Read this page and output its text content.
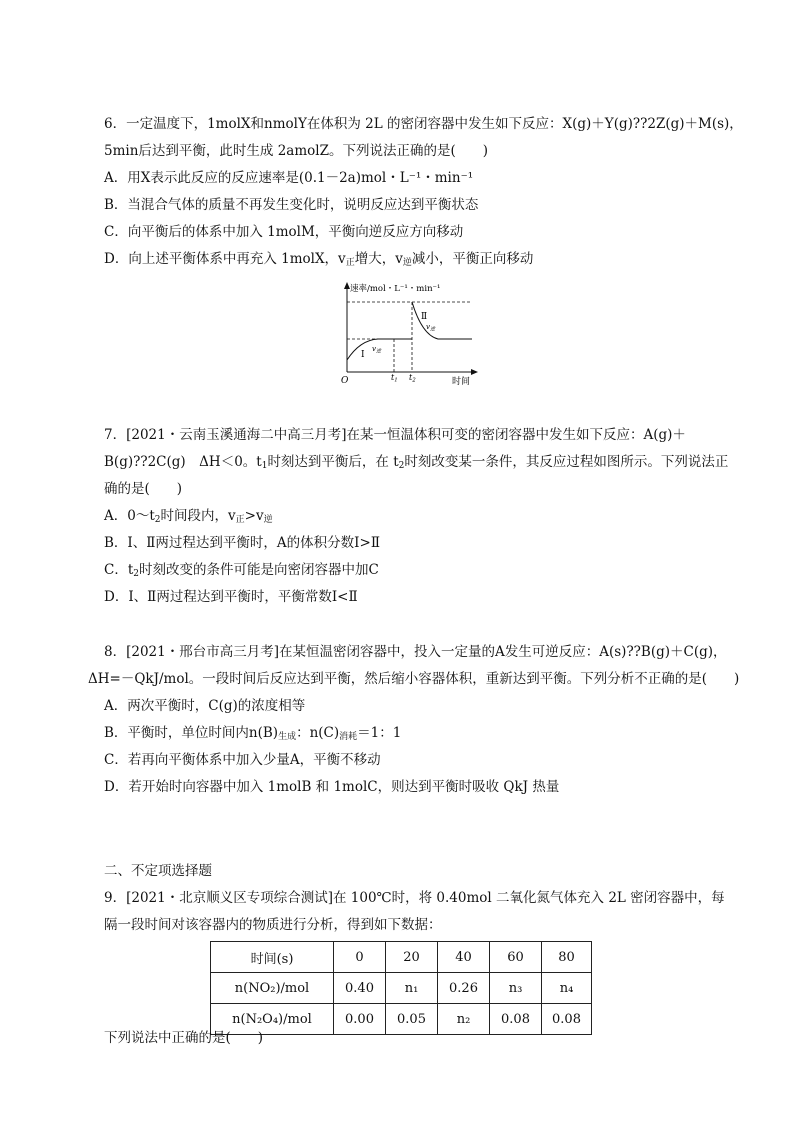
6．一定温度下，1molX和nmolY在体积为 2L 的密闭容器中发生如下反应：X(g)＋Y(g)??2Z(g)＋M(s)，
5min后达到平衡，此时生成 2amolZ。下列说法正确的是(　　)
A．用X表示此反应的反应速率是(0.1－2a)mol・L⁻¹・min⁻¹
B．当混合气体的质量不再发生变化时，说明反应达到平衡状态
C．向平衡后的体系中加入 1molM，平衡向逆反应方向移动
D．向上述平衡体系中再充入 1molX，$v_正$增大，$v_逆$减小，平衡正向移动
速率/mol・L⁻¹・min⁻¹
时间
O	t1 t2
Ⅰ
Ⅱ
$v_逆$
$v_逆$
7．[2021・云南玉溪通海二中高三月考]在某一恒温体积可变的密闭容器中发生如下反应：A(g)＋
B(g)??2C(g)　ΔH＜0。$t_1$时刻达到平衡后，在 $t_2$时刻改变某一条件，其反应过程如图所示。下列说法正
确的是(　　)
A．$0\sim t_2$时间段内，$v_正>v_逆$
B．Ⅰ、Ⅱ两过程达到平衡时，A的体积分数Ⅰ>Ⅱ
C．$t_2$时刻改变的条件可能是向密闭容器中加C
D．Ⅰ、Ⅱ两过程达到平衡时，平衡常数Ⅰ<Ⅱ
8．[2021・邢台市高三月考]在某恒温密闭容器中，投入一定量的A发生可逆反应：A(s)??B(g)＋C(g)，
ΔH=－QkJ/mol。一段时间后反应达到平衡，然后缩小容器体积，重新达到平衡。下列分析不正确的是(　　)
A．两次平衡时，C(g)的浓度相等
B．平衡时，单位时间内$n(B)_{生成}$：$n(C)_{消耗}=1$：1
C．若再向平衡体系中加入少量A，平衡不移动
D．若开始时向容器中加入 1molB 和 1molC，则达到平衡时吸收 QkJ 热量
二、不定项选择题
9．[2021・北京顺义区专项综合测试]在 100℃时，将 0.40mol 二氧化氮气体充入 2L 密闭容器中，每
隔一段时间对该容器内的物质进行分析，得到如下数据：
时间(s)	0	20	40	60	80
n(NO₂)/mol	0.40	n₁	0.26	n₃	n₄
n(N₂O₄)/mol	0.00	0.05	n₂	0.08	0.08
下列说法中正确的是(　　)
